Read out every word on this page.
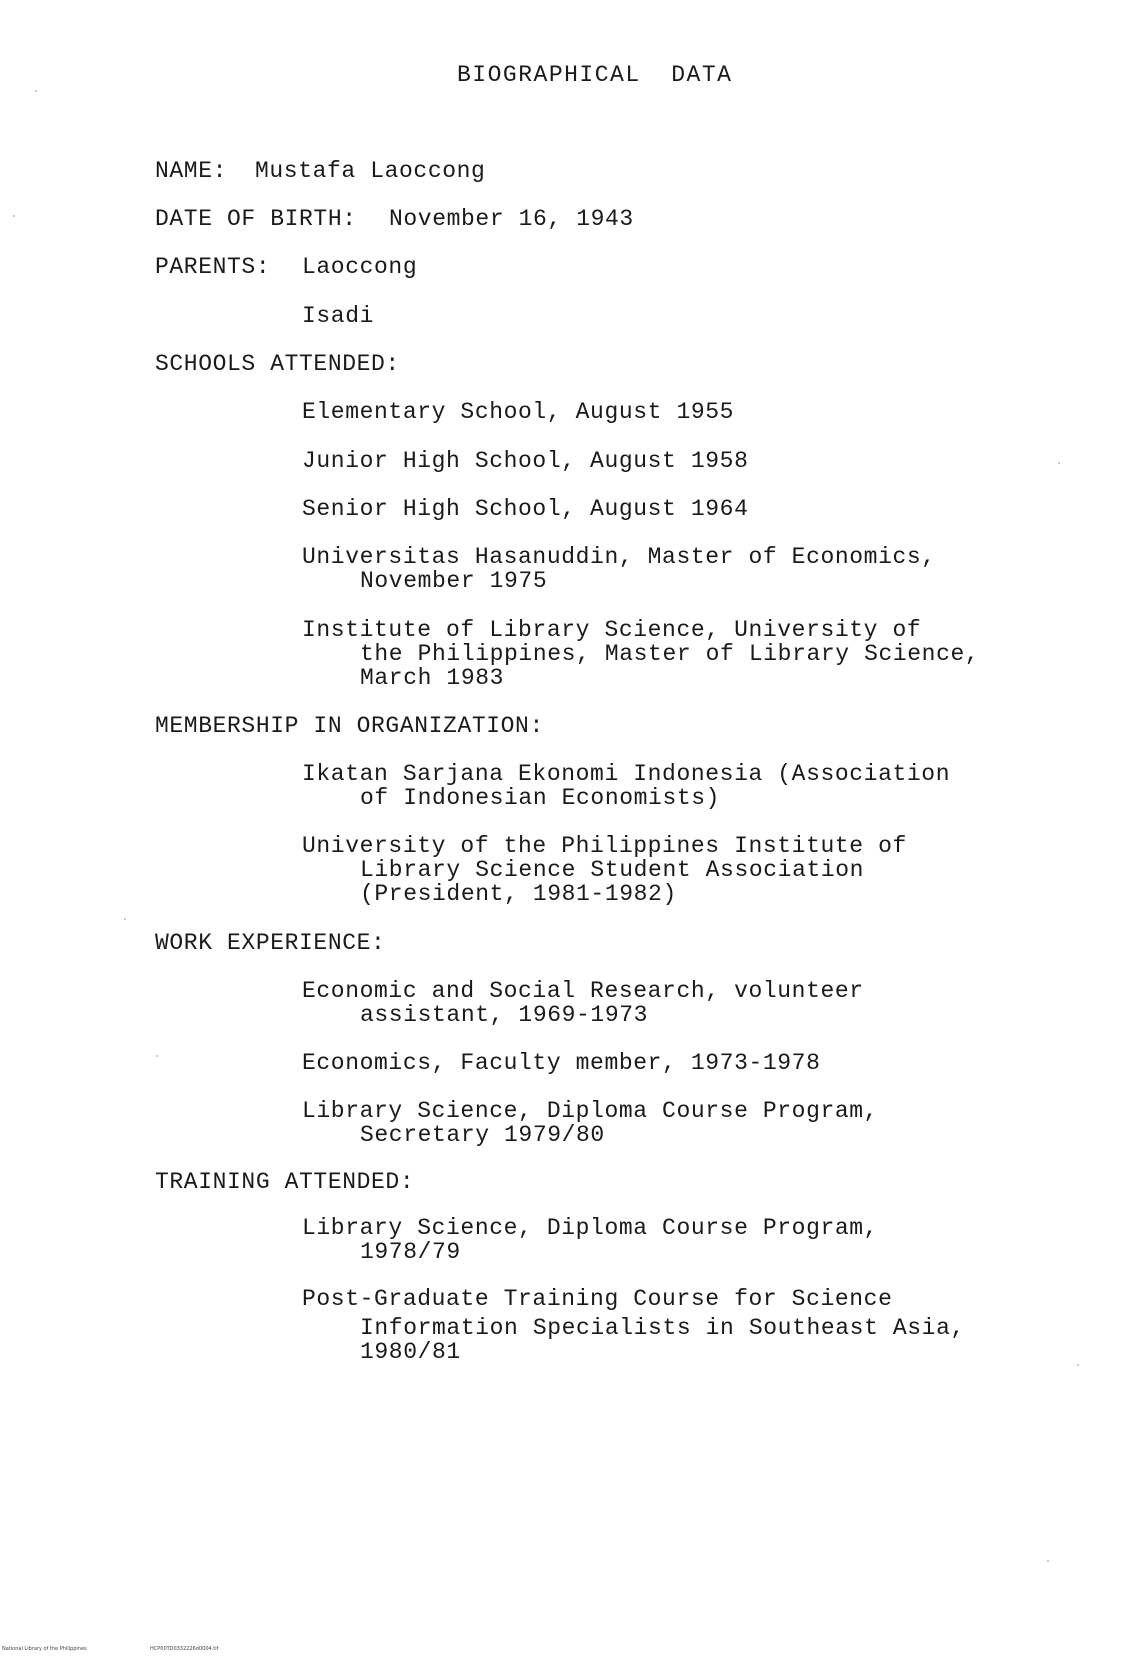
BIOGRAPHICAL  DATA
NAME: Mustafa Laoccong
DATE OF BIRTH: November 16, 1943
PARENTS: Laoccong
Isadi
SCHOOLS ATTENDED:
Elementary School, August 1955
Junior High School, August 1958
Senior High School, August 1964
Universitas Hasanuddin, Master of Economics,
November 1975
Institute of Library Science, University of
the Philippines, Master of Library Science,
March 1983
MEMBERSHIP IN ORGANIZATION:
Ikatan Sarjana Ekonomi Indonesia (Association
of Indonesian Economists)
University of the Philippines Institute of
Library Science Student Association
(President, 1981-1982)
WORK EXPERIENCE:
Economic and Social Research, volunteer
assistant, 1969-1973
Economics, Faculty member, 1973-1978
Library Science, Diploma Course Program,
Secretary 1979/80
TRAINING ATTENDED:
Library Science, Diploma Course Program,
1978/79
Post-Graduate Training Course for Science
Information Specialists in Southeast Asia,
1980/81
National Library of the Philippines	HCP00TD0332226d0004.tif
